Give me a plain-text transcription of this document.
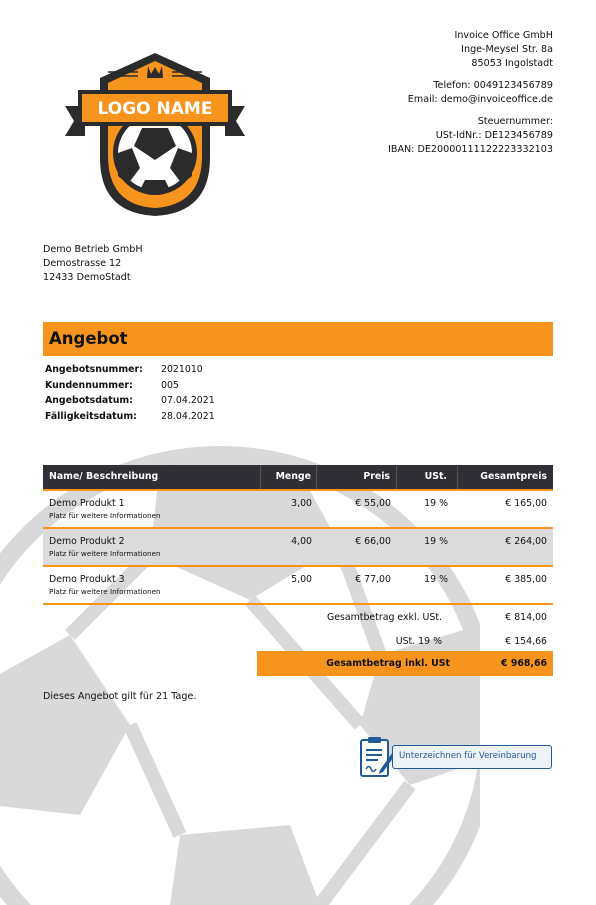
LOGO NAME
Invoice Office GmbH
Inge-Meysel Str. 8a
85053 Ingolstadt
Telefon: 0049123456789
Email: demo@invoiceoffice.de
Steuernummer:
USt-IdNr.: DE123456789
IBAN: DE20000111122223332103
Demo Betrieb GmbH
Demostrasse 12
12433 DemoStadt
Angebot
Angebotsnummer:	2021010
Kundennummer:	005
Angebotsdatum:	07.04.2021
Fälligkeitsdatum:	28.04.2021
Name/ Beschreibung	Menge	Preis	USt.	Gesamtpreis
Demo Produkt 1
Platz für weitere Informationen
3,00	€ 55,00	19 %	€ 165,00
Demo Produkt 2
Platz für weitere Informationen
4,00	€ 66,00	19 %	€ 264,00
Demo Produkt 3
Platz für weitere Informationen
5,00	€ 77,00	19 %	€ 385,00
Gesamtbetrag exkl. USt.	€ 814,00
USt. 19 %	€ 154,66
Gesamtbetrag inkl. USt	€ 968,66
Dieses Angebot gilt für 21 Tage.
Unterzeichnen für Vereinbarung
